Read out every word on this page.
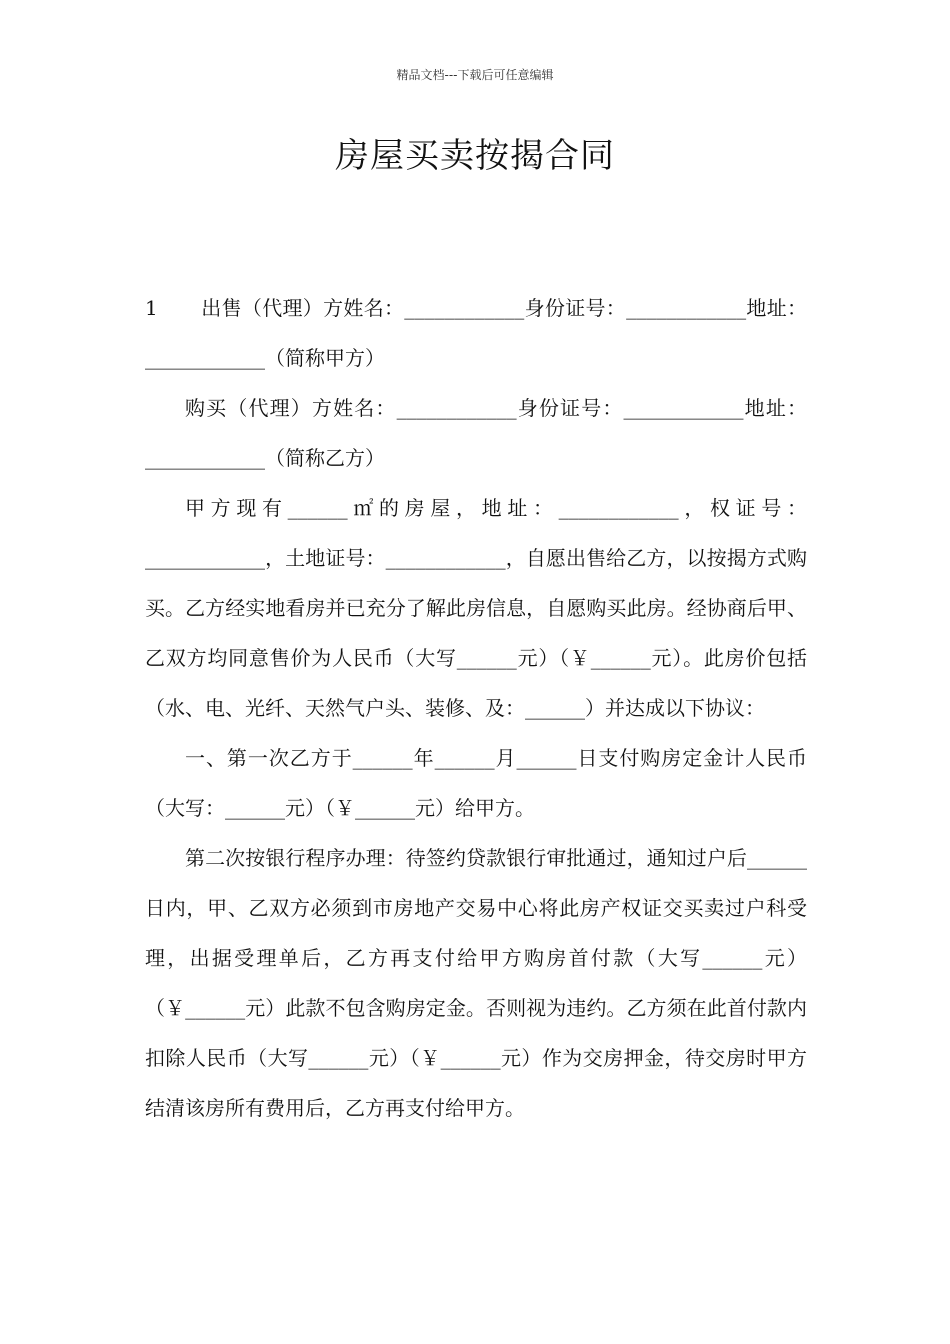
精品文档---下载后可任意编辑
房屋买卖按揭合同

1 出售（代理）方姓名：____________身份证号：____________地址：____________（简称甲方）

购买（代理）方姓名：____________身份证号：____________地址：____________（简称乙方）

甲方现有______㎡的房屋，地址：____________，权证号：____________，土地证号：____________，自愿出售给乙方，以按揭方式购买。乙方经实地看房并已充分了解此房信息，自愿购买此房。经协商后甲、乙双方均同意售价为人民币（大写______元）（￥______元）。此房价包括（水、电、光纤、天然气户头、装修、及：______）并达成以下协议：

一、第一次乙方于______年______月______日支付购房定金计人民币（大写：______元）（￥______元）给甲方。

第二次按银行程序办理：待签约贷款银行审批通过，通知过户后______日内，甲、乙双方必须到市房地产交易中心将此房产权证交买卖过户科受理，出据受理单后，乙方再支付给甲方购房首付款（大写______元）（￥______元）此款不包含购房定金。否则视为违约。乙方须在此首付款内扣除人民币（大写______元）（￥______元）作为交房押金，待交房时甲方结清该房所有费用后，乙方再支付给甲方。
